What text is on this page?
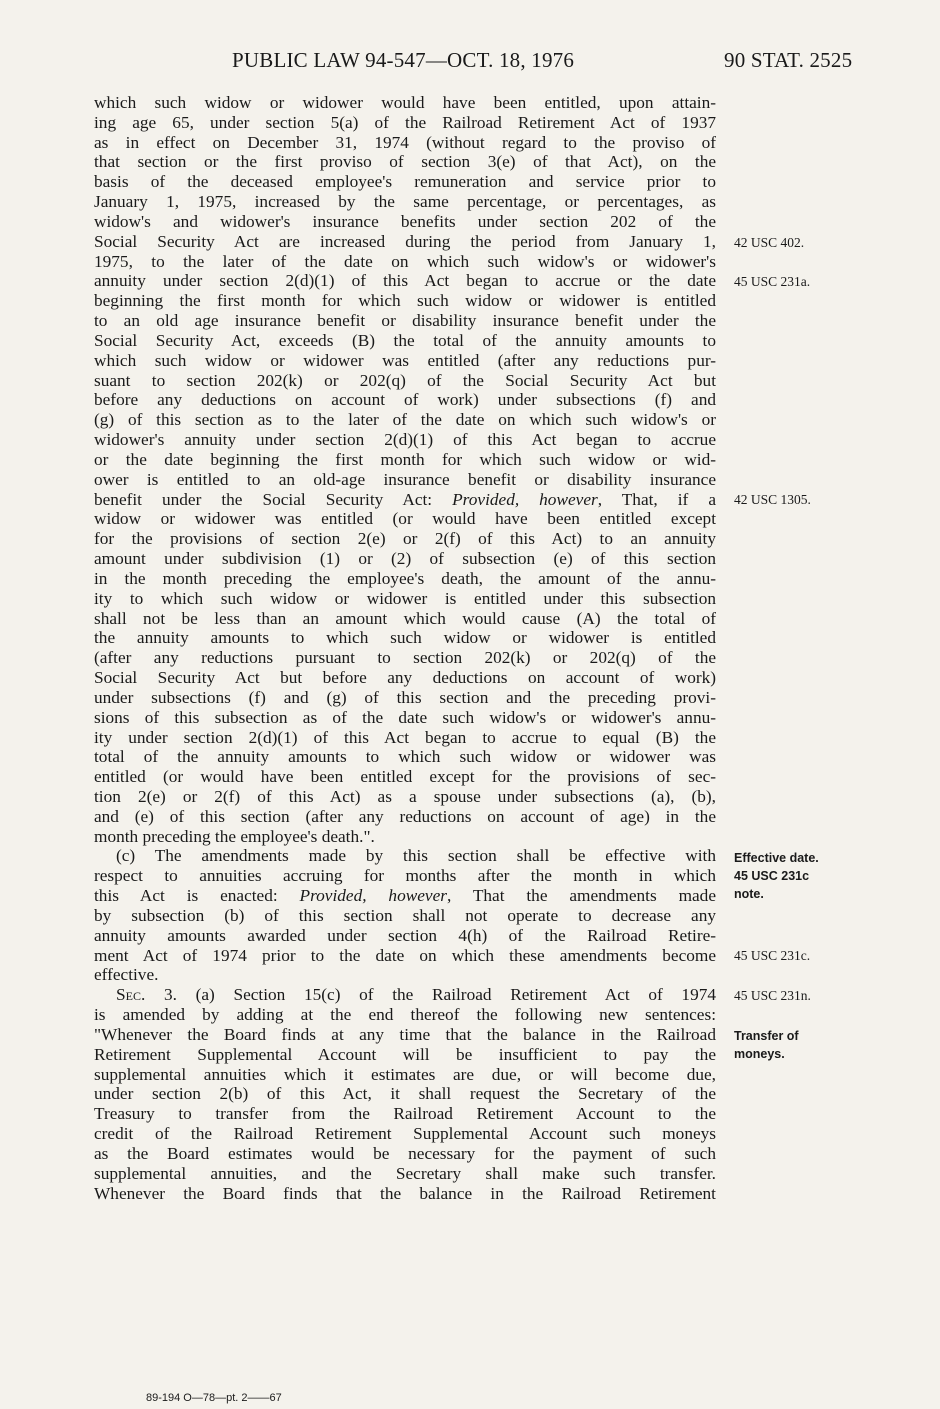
PUBLIC LAW 94-547—OCT. 18, 1976	90 STAT. 2525
which such widow or widower would have been entitled, upon attain-
ing age 65, under section 5(a) of the Railroad Retirement Act of 1937
as in effect on December 31, 1974 (without regard to the proviso of
that section or the first proviso of section 3(e) of that Act), on the
basis of the deceased employee's remuneration and service prior to
January 1, 1975, increased by the same percentage, or percentages, as
widow's and widower's insurance benefits under section 202 of the
Social Security Act are increased during the period from January 1,
1975, to the later of the date on which such widow's or widower's
annuity under section 2(d)(1) of this Act began to accrue or the date
beginning the first month for which such widow or widower is entitled
to an old age insurance benefit or disability insurance benefit under the
Social Security Act, exceeds (B) the total of the annuity amounts to
which such widow or widower was entitled (after any reductions pur-
suant to section 202(k) or 202(q) of the Social Security Act but
before any deductions on account of work) under subsections (f) and
(g) of this section as to the later of the date on which such widow's or
widower's annuity under section 2(d)(1) of this Act began to accrue
or the date beginning the first month for which such widow or wid-
ower is entitled to an old-age insurance benefit or disability insurance
benefit under the Social Security Act: Provided, however, That, if a
widow or widower was entitled (or would have been entitled except
for the provisions of section 2(e) or 2(f) of this Act) to an annuity
amount under subdivision (1) or (2) of subsection (e) of this section
in the month preceding the employee's death, the amount of the annu-
ity to which such widow or widower is entitled under this subsection
shall not be less than an amount which would cause (A) the total of
the annuity amounts to which such widow or widower is entitled
(after any reductions pursuant to section 202(k) or 202(q) of the
Social Security Act but before any deductions on account of work)
under subsections (f) and (g) of this section and the preceding provi-
sions of this subsection as of the date such widow's or widower's annu-
ity under section 2(d)(1) of this Act began to accrue to equal (B) the
total of the annuity amounts to which such widow or widower was
entitled (or would have been entitled except for the provisions of sec-
tion 2(e) or 2(f) of this Act) as a spouse under subsections (a), (b),
and (e) of this section (after any reductions on account of age) in the
month preceding the employee's death.".
(c) The amendments made by this section shall be effective with
respect to annuities accruing for months after the month in which
this Act is enacted: Provided, however, That the amendments made
by subsection (b) of this section shall not operate to decrease any
annuity amounts awarded under section 4(h) of the Railroad Retire-
ment Act of 1974 prior to the date on which these amendments become
effective.
Sec. 3. (a) Section 15(c) of the Railroad Retirement Act of 1974
is amended by adding at the end thereof the following new sentences:
"Whenever the Board finds at any time that the balance in the Railroad
Retirement Supplemental Account will be insufficient to pay the
supplemental annuities which it estimates are due, or will become due,
under section 2(b) of this Act, it shall request the Secretary of the
Treasury to transfer from the Railroad Retirement Account to the
credit of the Railroad Retirement Supplemental Account such moneys
as the Board estimates would be necessary for the payment of such
supplemental annuities, and the Secretary shall make such transfer.
Whenever the Board finds that the balance in the Railroad Retirement
42 USC 402.
45 USC 231a.
42 USC 1305.
Effective date.
45 USC 231c
note.
45 USC 231c.
45 USC 231n.
Transfer of
moneys.
89-194 O—78—pt. 2——67
